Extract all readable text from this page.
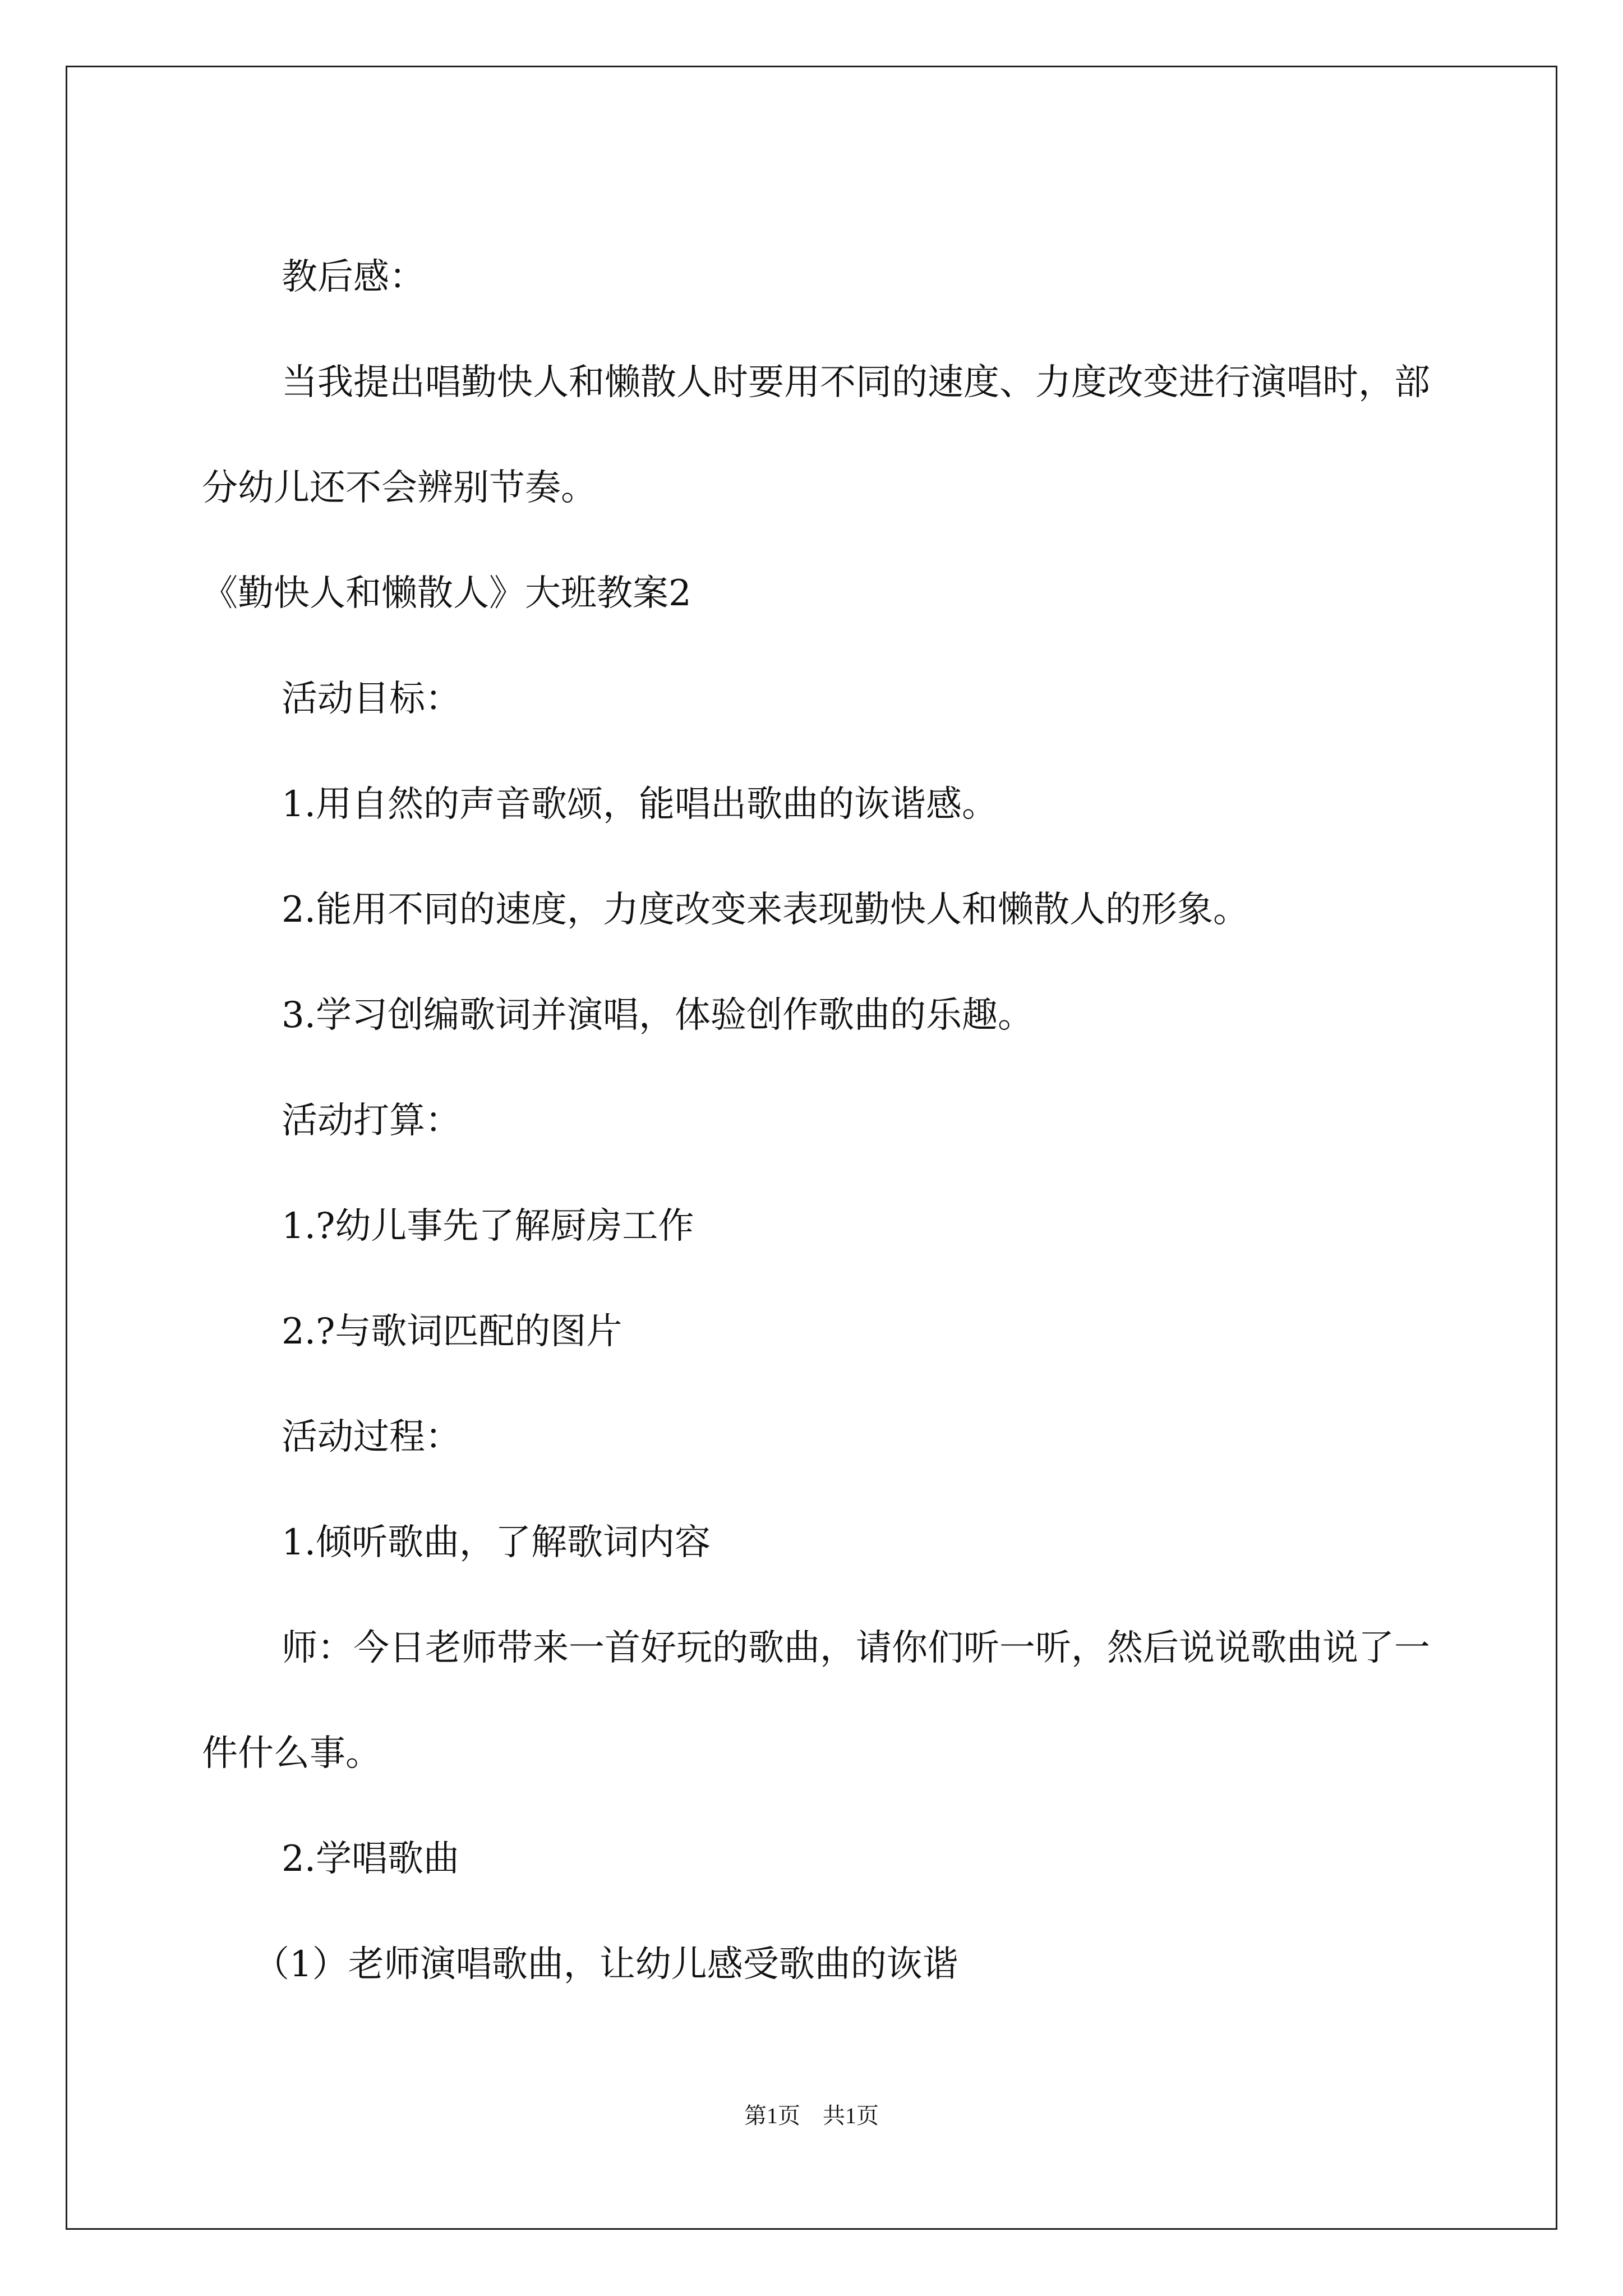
教后感：

当我提出唱勤快人和懒散人时要用不同的速度、力度改变进行演唱时，部分幼儿还不会辨别节奏。

《勤快人和懒散人》大班教案2

活动目标：

1.用自然的声音歌颂，能唱出歌曲的诙谐感。

2.能用不同的速度，力度改变来表现勤快人和懒散人的形象。

3.学习创编歌词并演唱，体验创作歌曲的乐趣。

活动打算：

1.?幼儿事先了解厨房工作

2.?与歌词匹配的图片

活动过程：

1.倾听歌曲，了解歌词内容

师：今日老师带来一首好玩的歌曲，请你们听一听，然后说说歌曲说了一件什么事。

2.学唱歌曲

（1）老师演唱歌曲，让幼儿感受歌曲的诙谐

第1页 共1页
